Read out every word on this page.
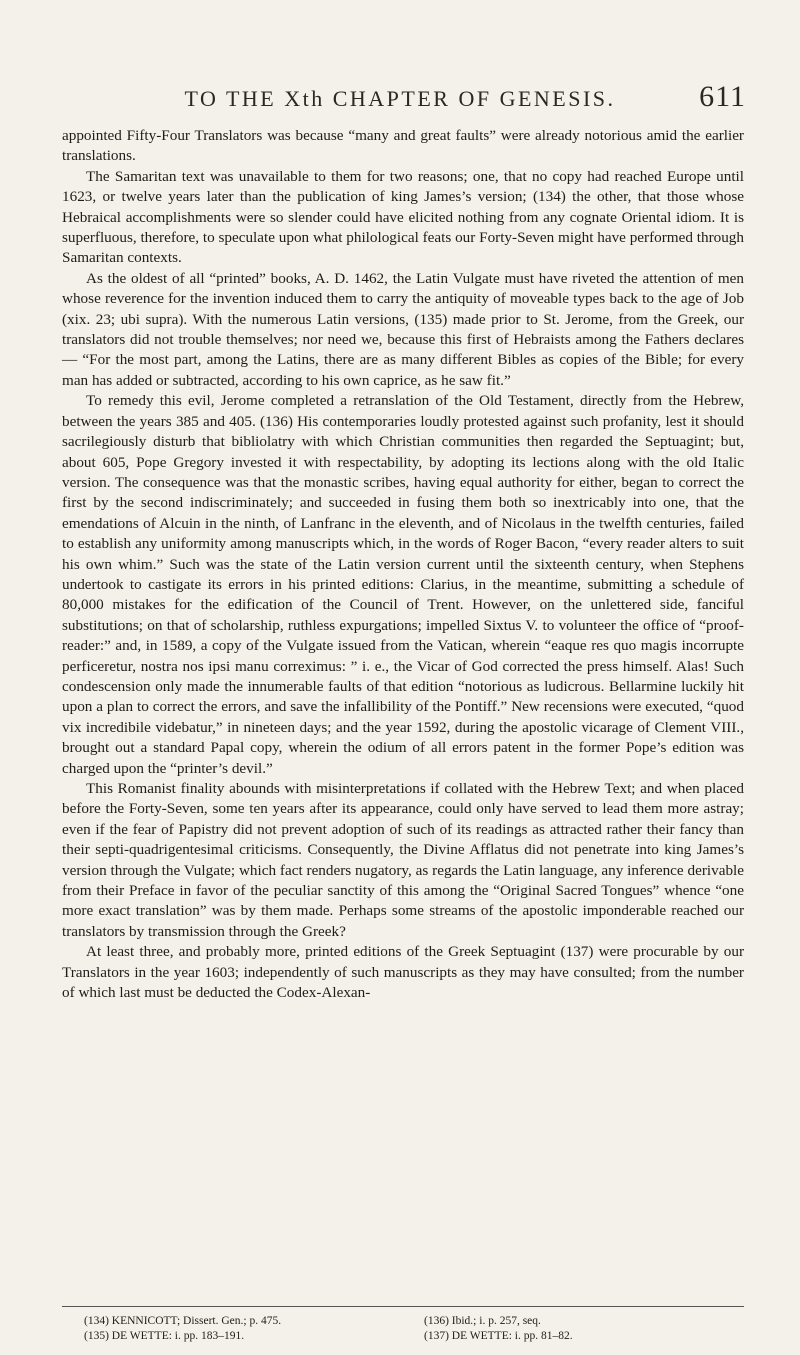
TO THE Xth CHAPTER OF GENESIS.	611

appointed Fifty-Four Translators was because “many and great faults” were already notorious amid the earlier translations.

The Samaritan text was unavailable to them for two reasons; one, that no copy had reached Europe until 1623, or twelve years later than the publication of king James’s version; (134) the other, that those whose Hebraical accomplishments were so slender could have elicited nothing from any cognate Oriental idiom. It is superfluous, therefore, to speculate upon what philological feats our Forty-Seven might have performed through Samaritan contexts.

As the oldest of all “printed” books, A. D. 1462, the Latin Vulgate must have riveted the attention of men whose reverence for the invention induced them to carry the antiquity of moveable types back to the age of Job (xix. 23; ubi supra). With the numerous Latin versions, (135) made prior to St. Jerome, from the Greek, our translators did not trouble themselves; nor need we, because this first of Hebraists among the Fathers declares — “For the most part, among the Latins, there are as many different Bibles as copies of the Bible; for every man has added or subtracted, according to his own caprice, as he saw fit.”

To remedy this evil, Jerome completed a retranslation of the Old Testament, directly from the Hebrew, between the years 385 and 405. (136) His contemporaries loudly protested against such profanity, lest it should sacrilegiously disturb that bibliolatry with which Christian communities then regarded the Septuagint; but, about 605, Pope Gregory invested it with respectability, by adopting its lections along with the old Italic version. The consequence was that the monastic scribes, having equal authority for either, began to correct the first by the second indiscriminately; and succeeded in fusing them both so inextricably into one, that the emendations of Alcuin in the ninth, of Lanfranc in the eleventh, and of Nicolaus in the twelfth centuries, failed to establish any uniformity among manuscripts which, in the words of Roger Bacon, “every reader alters to suit his own whim.” Such was the state of the Latin version current until the sixteenth century, when Stephens undertook to castigate its errors in his printed editions: Clarius, in the meantime, submitting a schedule of 80,000 mistakes for the edification of the Council of Trent. However, on the unlettered side, fanciful substitutions; on that of scholarship, ruthless expurgations; impelled Sixtus V. to volunteer the office of “proof-reader:” and, in 1589, a copy of the Vulgate issued from the Vatican, wherein “eaque res quo magis incorrupte perficeretur, nostra nos ipsi manu correximus: ” i. e., the Vicar of God corrected the press himself. Alas! Such condescension only made the innumerable faults of that edition “notorious as ludicrous. Bellarmine luckily hit upon a plan to correct the errors, and save the infallibility of the Pontiff.” New recensions were executed, “quod vix incredibile videbatur,” in nineteen days; and the year 1592, during the apostolic vicarage of Clement VIII., brought out a standard Papal copy, wherein the odium of all errors patent in the former Pope’s edition was charged upon the “printer’s devil.”

This Romanist finality abounds with misinterpretations if collated with the Hebrew Text; and when placed before the Forty-Seven, some ten years after its appearance, could only have served to lead them more astray; even if the fear of Papistry did not prevent adoption of such of its readings as attracted rather their fancy than their septi-quadrigentesimal criticisms. Consequently, the Divine Afflatus did not penetrate into king James’s version through the Vulgate; which fact renders nugatory, as regards the Latin language, any inference derivable from their Preface in favor of the peculiar sanctity of this among the “Original Sacred Tongues” whence “one more exact translation” was by them made. Perhaps some streams of the apostolic imponderable reached our translators by transmission through the Greek?

At least three, and probably more, printed editions of the Greek Septuagint (137) were procurable by our Translators in the year 1603; independently of such manuscripts as they may have consulted; from the number of which last must be deducted the Codex-Alexan-

(134) KENNICOTT; Dissert. Gen.; p. 475.	(136) Ibid.; i. p. 257, seq.
(135) DE WETTE: i. pp. 183–191.	(137) DE WETTE: i. pp. 81–82.
